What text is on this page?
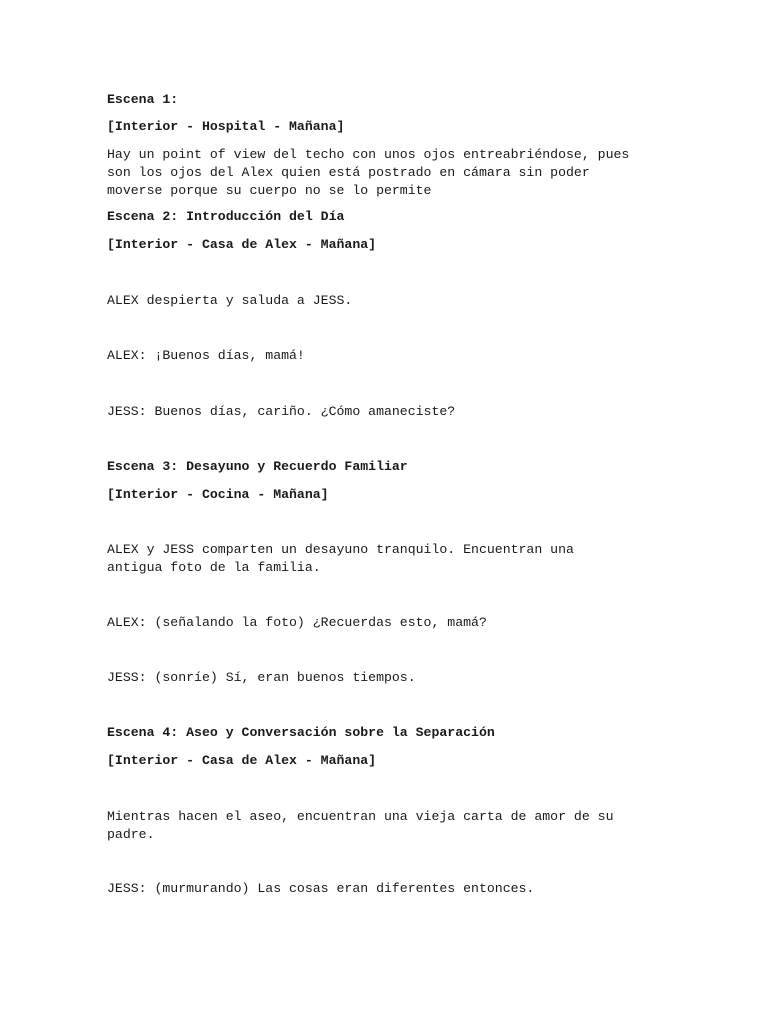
Escena 1:

[Interior - Hospital - Mañana]

Hay un point of view del techo con unos ojos entreabriéndose, pues

son los ojos del Alex quien está postrado en cámara sin poder

moverse porque su cuerpo no se lo permite

Escena 2: Introducción del Día

[Interior - Casa de Alex - Mañana]

ALEX despierta y saluda a JESS.

ALEX: ¡Buenos días, mamá!

JESS: Buenos días, cariño. ¿Cómo amaneciste?

Escena 3: Desayuno y Recuerdo Familiar

[Interior - Cocina - Mañana]

ALEX y JESS comparten un desayuno tranquilo. Encuentran una

antigua foto de la familia.

ALEX: (señalando la foto) ¿Recuerdas esto, mamá?

JESS: (sonríe) Sí, eran buenos tiempos.

Escena 4: Aseo y Conversación sobre la Separación

[Interior - Casa de Alex - Mañana]

Mientras hacen el aseo, encuentran una vieja carta de amor de su

padre.

JESS: (murmurando) Las cosas eran diferentes entonces.
